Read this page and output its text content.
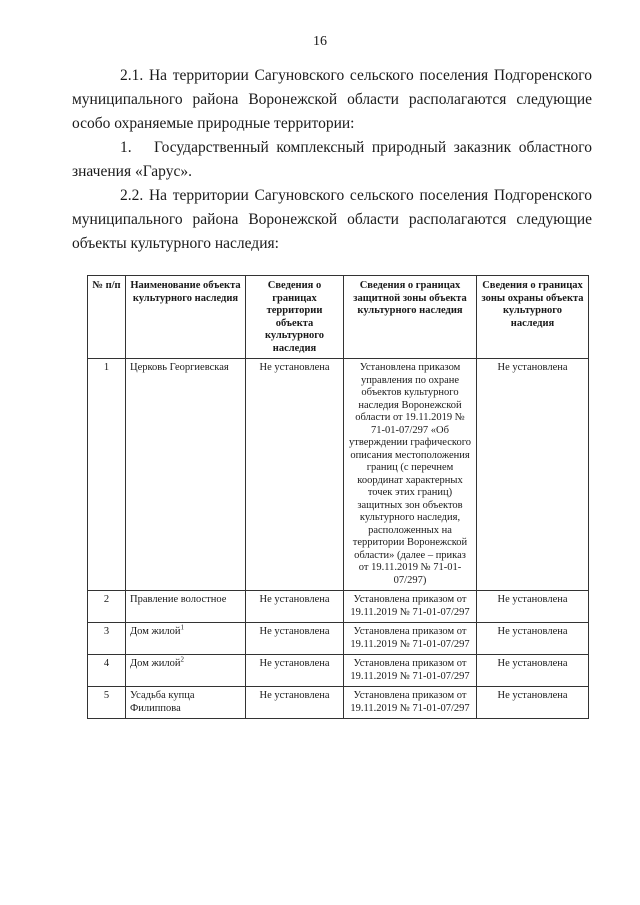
16

2.1. На территории Сагуновского сельского поселения Подгоренского муниципального района Воронежской области располагаются следующие особо охраняемые природные территории:

1. Государственный комплексный природный заказник областного значения «Гарус».

2.2. На территории Сагуновского сельского поселения Подгоренского муниципального района Воронежской области располагаются следующие объекты культурного наследия:

№ п/п	Наименование объекта культурного наследия	Сведения о границах территории объекта культурного наследия	Сведения о границах защитной зоны объекта культурного наследия	Сведения о границах зоны охраны объекта культурного наследия
1	Церковь Георгиевская	Не установлена	Установлена приказом управления по охране объектов культурного наследия Воронежской области от 19.11.2019 № 71-01-07/297 «Об утверждении графического описания местоположения границ (с перечнем координат характерных точек этих границ) защитных зон объектов культурного наследия, расположенных на территории Воронежской области» (далее – приказ от 19.11.2019 № 71-01-07/297)	Не установлена
2	Правление волостное	Не установлена	Установлена приказом от 19.11.2019 № 71-01-07/297	Не установлена
3	Дом жилой$^1$	Не установлена	Установлена приказом от 19.11.2019 № 71-01-07/297	Не установлена
4	Дом жилой$^2$	Не установлена	Установлена приказом от 19.11.2019 № 71-01-07/297	Не установлена
5	Усадьба купца Филиппова	Не установлена	Установлена приказом от 19.11.2019 № 71-01-07/297	Не установлена
